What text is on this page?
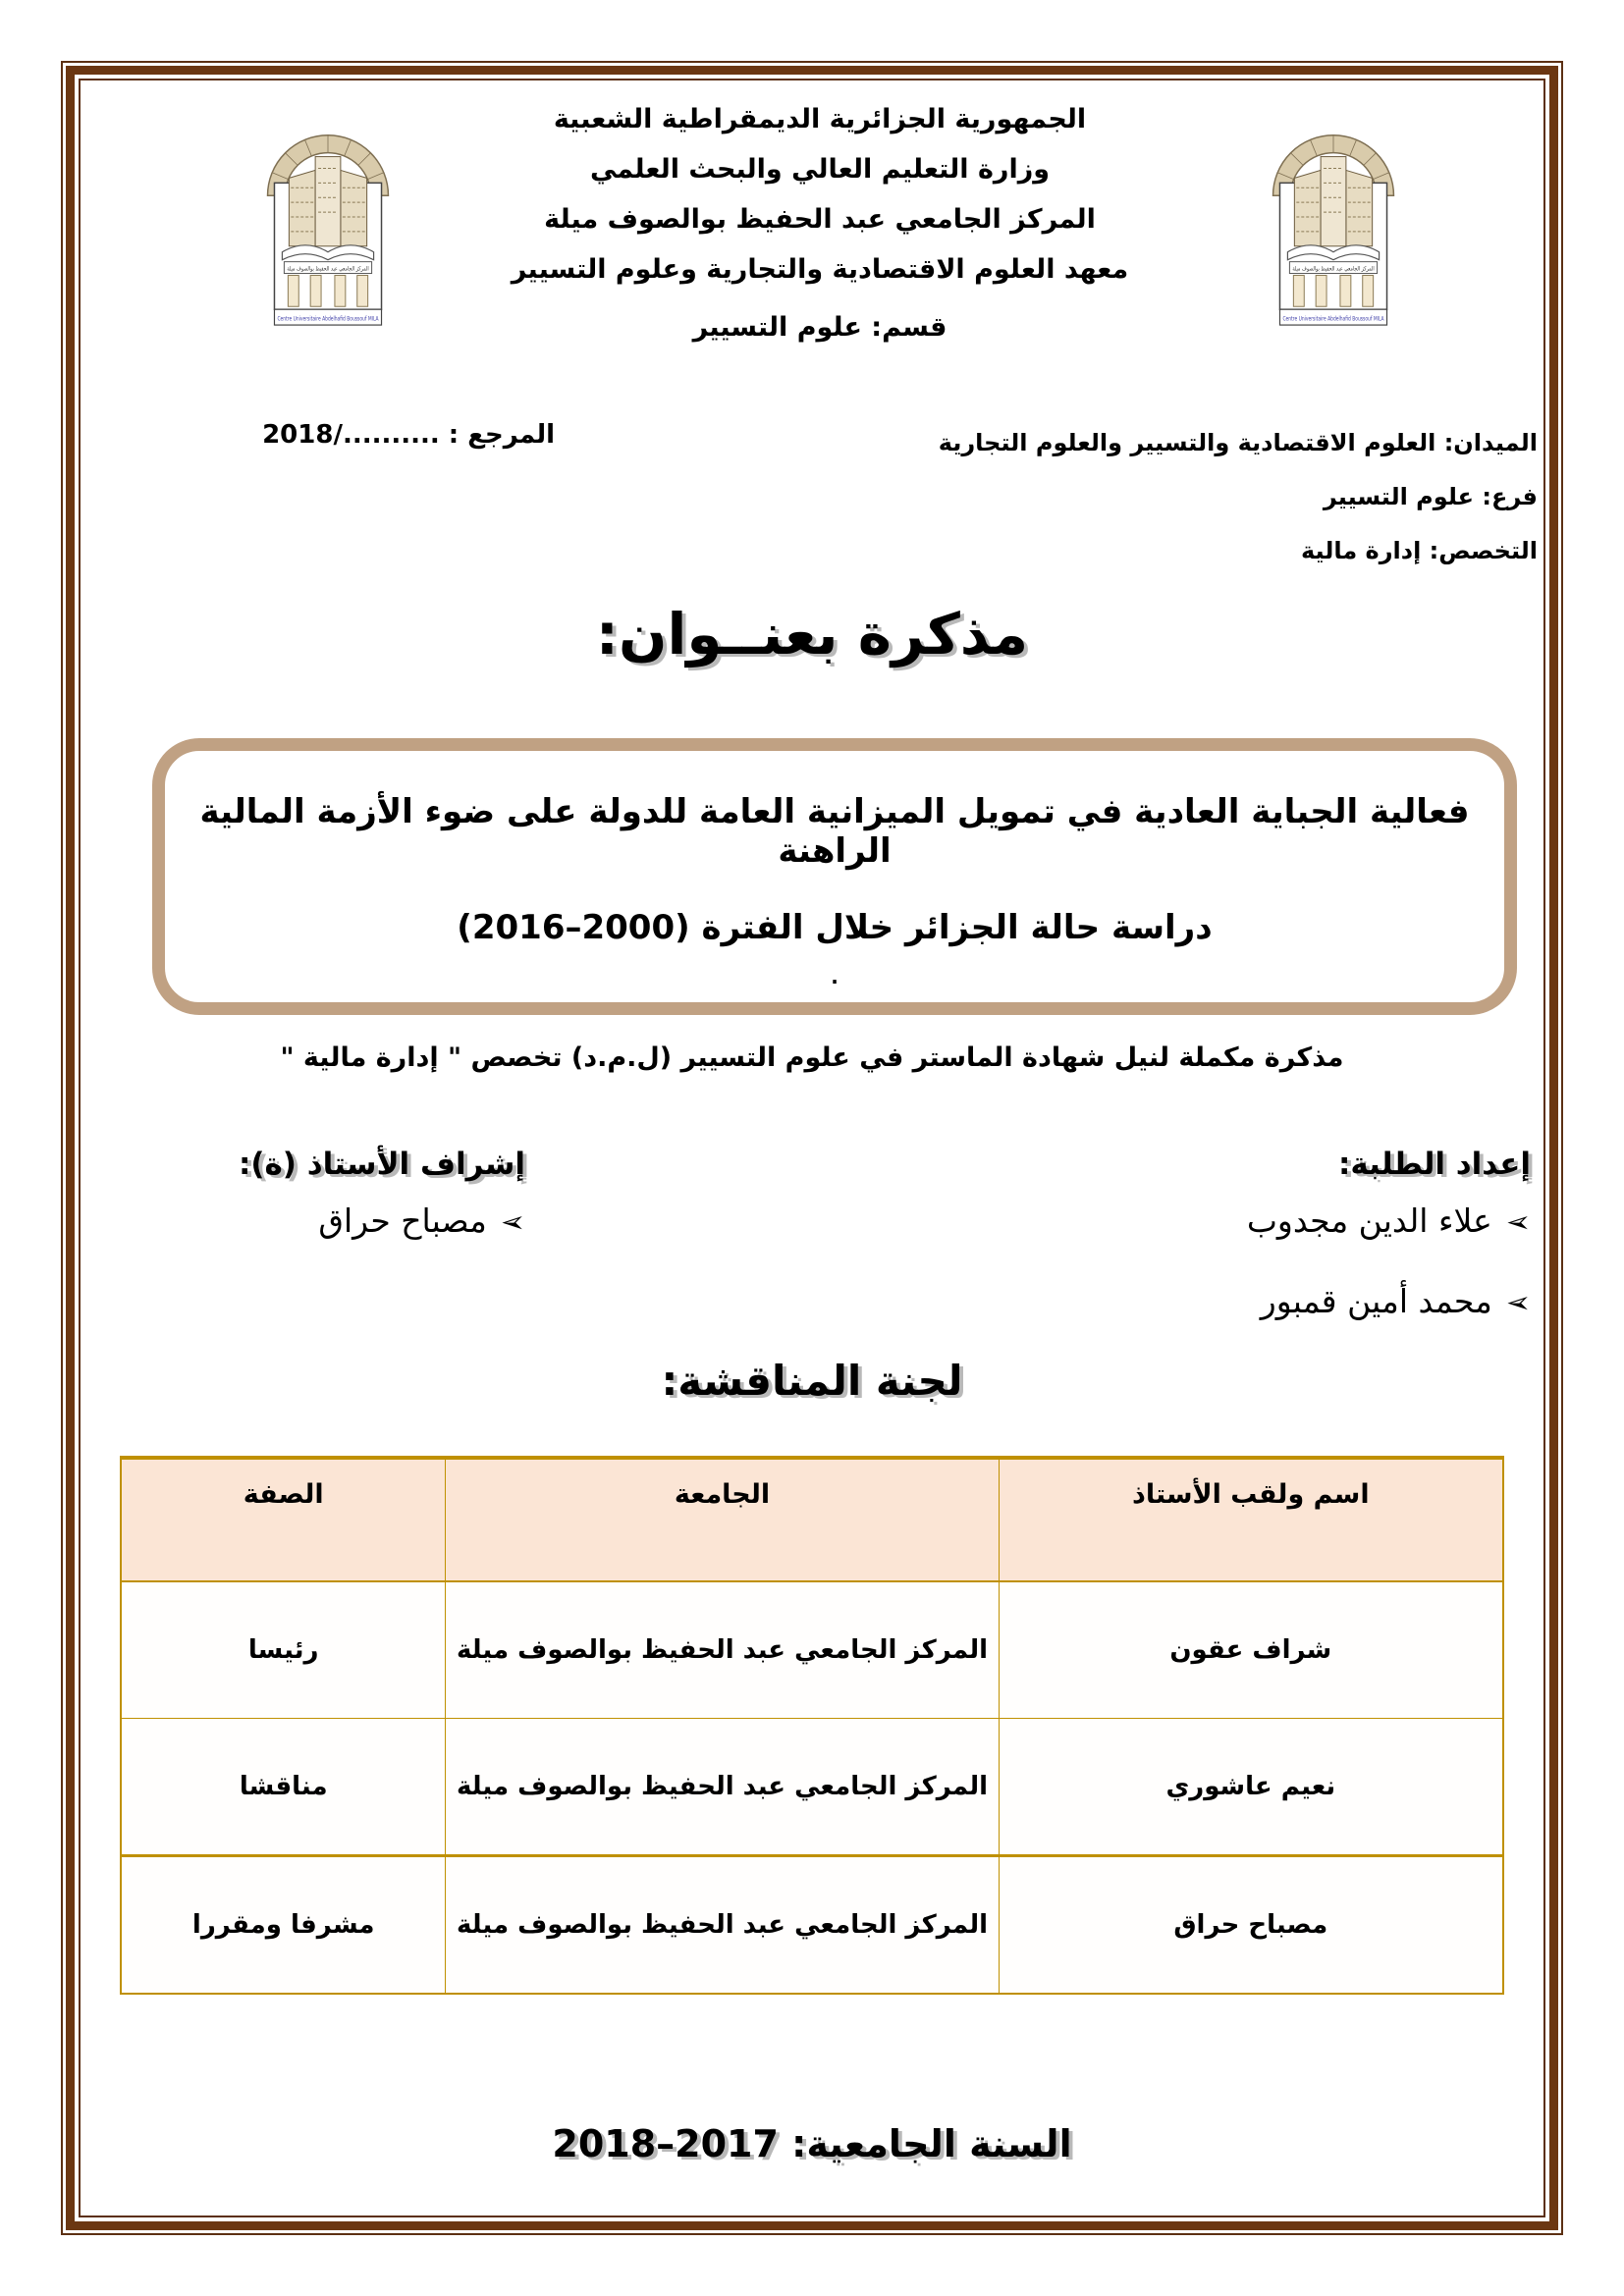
المركز الجامعي عبد الحفيظ بوالصوف ميلة
Centre Universitaire Abdelhafid Boussouf MILA
المركز الجامعي عبد الحفيظ بوالصوف ميلة
Centre Universitaire Abdelhafid Boussouf MILA
الجمهورية الجزائرية الديمقراطية الشعبية
وزارة التعليم العالي والبحث العلمي
المركز الجامعي عبد الحفيظ بوالصوف ميلة
معهد العلوم الاقتصادية والتجارية وعلوم التسيير
قسم: علوم التسيير
المرجع : ........../2018	الميدان: العلوم الاقتصادية والتسيير والعلوم التجارية
فرع: علوم التسيير
التخصص: إدارة مالية
مذكرة بعنــوان:
فعالية الجباية العادية في تمويل الميزانية العامة للدولة على ضوء الأزمة المالية الراهنة
دراسة حالة الجزائر خلال الفترة (2000–2016)
.
مذكرة مكملة لنيل شهادة الماستر في علوم التسيير (ل.م.د) تخصص " إدارة مالية "
إعداد الطلبة:
➢علاء الدين مجدوب
➢محمد أمين قمبور
إشراف الأستاذ (ة):
➢مصباح حراق
لجنة المناقشة:
اسم ولقب الأستاذ	الجامعة	الصفة
شراف عقون	المركز الجامعي عبد الحفيظ بوالصوف ميلة	رئيسا
نعيم عاشوري	المركز الجامعي عبد الحفيظ بوالصوف ميلة	مناقشا
مصباح حراق	المركز الجامعي عبد الحفيظ بوالصوف ميلة	مشرفا ومقررا
السنة الجامعية: 2017–2018
